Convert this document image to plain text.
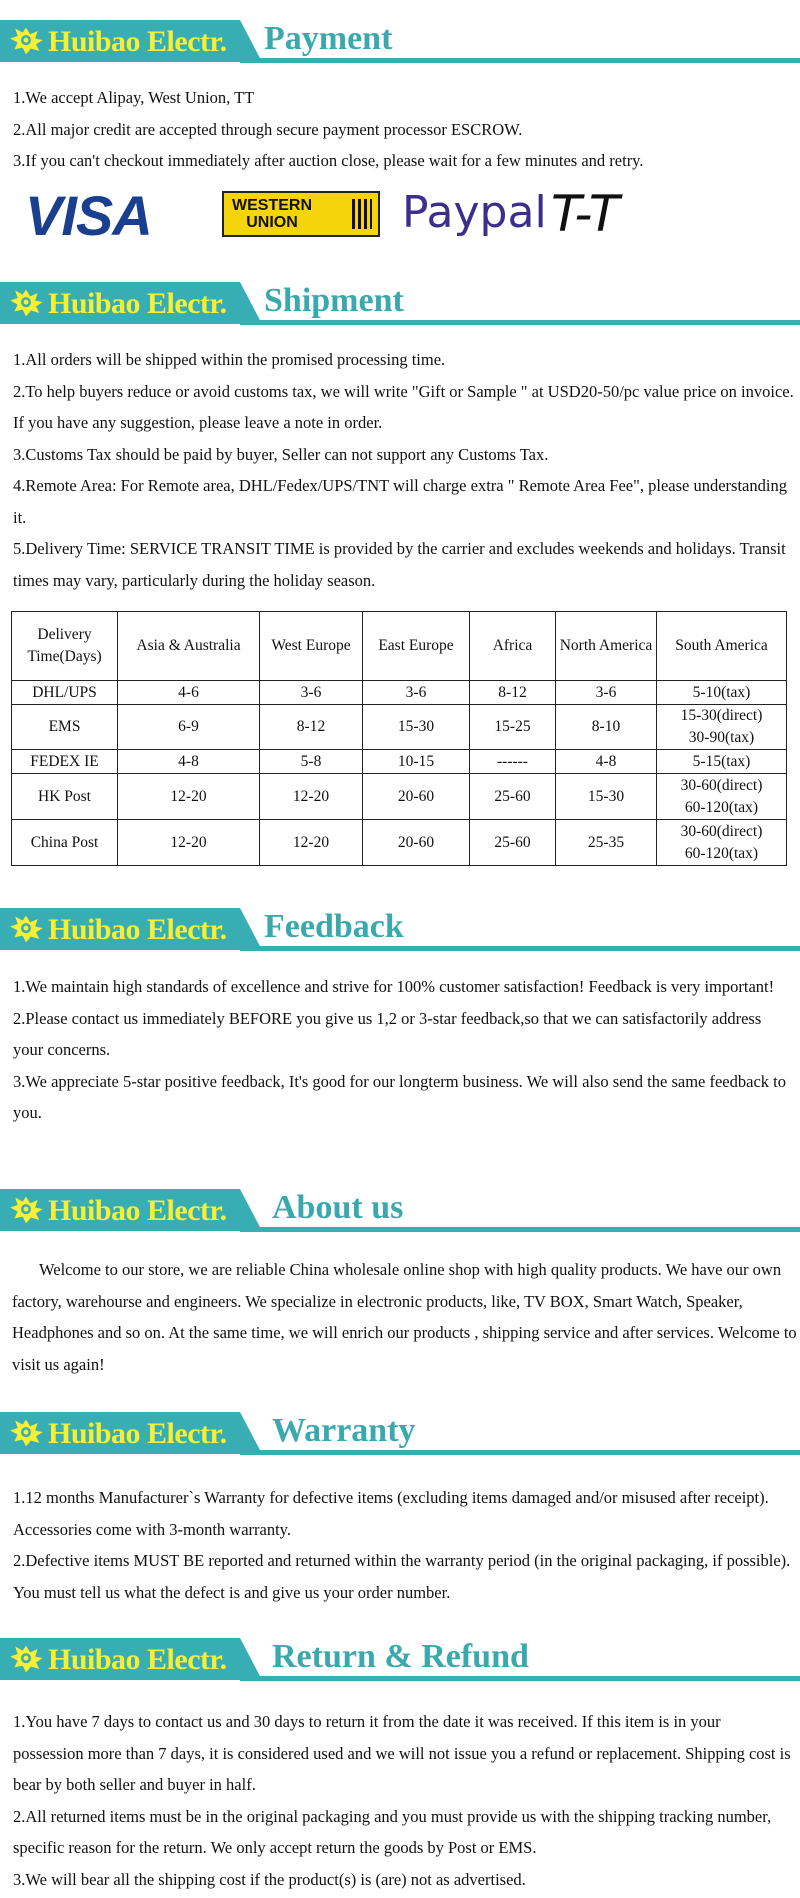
Huibao Electr. Payment

1.We accept Alipay, West Union, TT

2.All major credit are accepted through secure payment processor ESCROW.

3.If you can't checkout immediately after auction close, please wait for a few minutes and retry.

VISA	WESTERN
UNION	Paypal T-T
Huibao Electr. Shipment

1.All orders will be shipped within the promised processing time.

2.To help buyers reduce or avoid customs tax, we will write "Gift or Sample " at USD20-50/pc value price on invoice. If you have any suggestion, please leave a note in order.

3.Customs Tax should be paid by buyer, Seller can not support any Customs Tax.

4.Remote Area: For Remote area, DHL/Fedex/UPS/TNT will charge extra " Remote Area Fee", please understanding it.

5.Delivery Time: SERVICE TRANSIT TIME is provided by the carrier and excludes weekends and holidays. Transit times may vary, particularly during the holiday season.

Delivery Time(Days)	Asia & Australia	West Europe	East Europe	Africa	North America	South America
DHL/UPS	4-6	3-6	3-6	8-12	3-6	5-10(tax)
EMS	6-9	8-12	15-30	15-25	8-10	15-30(direct)
30-90(tax)
FEDEX IE	4-8	5-8	10-15	------	4-8	5-15(tax)
HK Post	12-20	12-20	20-60	25-60	15-30	30-60(direct)
60-120(tax)
China Post	12-20	12-20	20-60	25-60	25-35	30-60(direct)
60-120(tax)
Huibao Electr. Feedback

1.We maintain high standards of excellence and strive for 100% customer satisfaction! Feedback is very important!

2.Please contact us immediately BEFORE you give us 1,2 or 3-star feedback,so that we can satisfactorily address your concerns.

3.We appreciate 5-star positive feedback, It's good for our longterm business. We will also send the same feedback to you.

Huibao Electr. About us

Welcome to our store, we are reliable China wholesale online shop with high quality products. We have our own factory, warehourse and engineers. We specialize in electronic products, like, TV BOX, Smart Watch, Speaker, Headphones and so on. At the same time, we will enrich our products , shipping service and after services. Welcome to visit us again!

Huibao Electr. Warranty

1.12 months Manufacturer`s Warranty for defective items (excluding items damaged and/or misused after receipt). Accessories come with 3-month warranty.

2.Defective items MUST BE reported and returned within the warranty period (in the original packaging, if possible). You must tell us what the defect is and give us your order number.

Huibao Electr. Return & Refund

1.You have 7 days to contact us and 30 days to return it from the date it was received. If this item is in your possession more than 7 days, it is considered used and we will not issue you a refund or replacement. Shipping cost is bear by both seller and buyer in half.

2.All returned items must be in the original packaging and you must provide us with the shipping tracking number, specific reason for the return. We only accept return the goods by Post or EMS.

3.We will bear all the shipping cost if the product(s) is (are) not as advertised.
